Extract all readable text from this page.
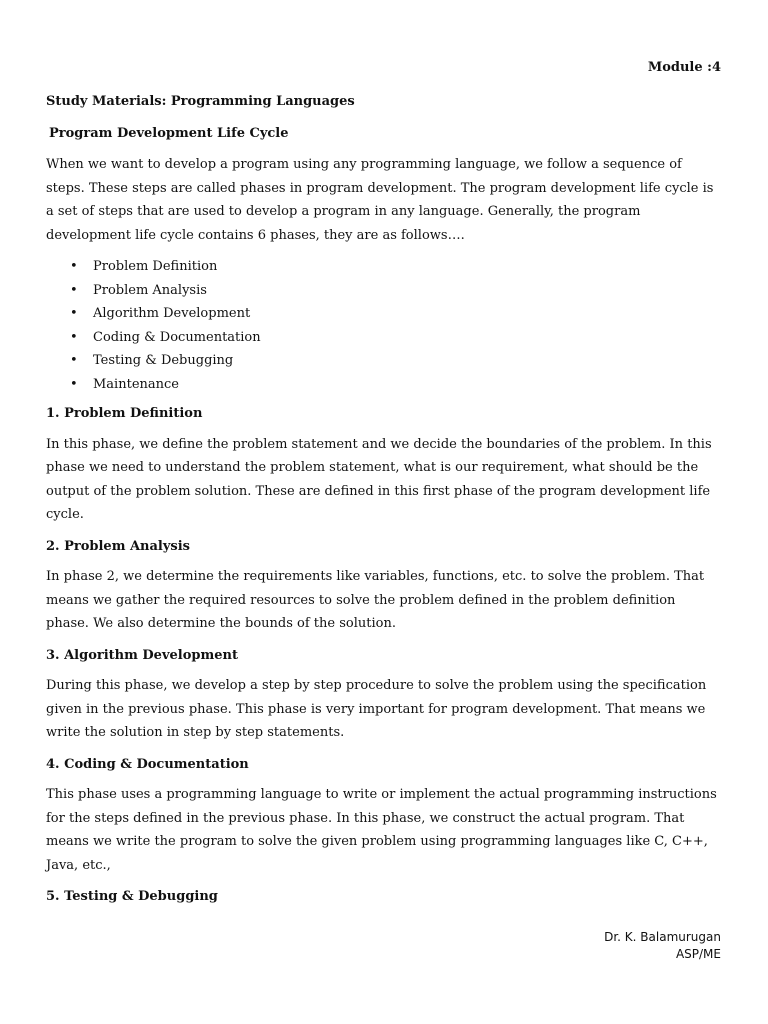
Module :4
Study Materials: Programming Languages
Program Development Life Cycle

When we want to develop a program using any programming language, we follow a sequence of steps. These steps are called phases in program development. The program development life cycle is a set of steps that are used to develop a program in any language. Generally, the program development life cycle contains 6 phases, they are as follows….

• Problem Definition
• Problem Analysis
• Algorithm Development
• Coding & Documentation
• Testing & Debugging
• Maintenance
1. Problem Definition

In this phase, we define the problem statement and we decide the boundaries of the problem. In this phase we need to understand the problem statement, what is our requirement, what should be the output of the problem solution. These are defined in this first phase of the program development life cycle.

2. Problem Analysis

In phase 2, we determine the requirements like variables, functions, etc. to solve the problem. That means we gather the required resources to solve the problem defined in the problem definition phase. We also determine the bounds of the solution.

3. Algorithm Development

During this phase, we develop a step by step procedure to solve the problem using the specification given in the previous phase. This phase is very important for program development. That means we write the solution in step by step statements.

4. Coding & Documentation

This phase uses a programming language to write or implement the actual programming instructions for the steps defined in the previous phase. In this phase, we construct the actual program. That means we write the program to solve the given problem using programming languages like C, C++, Java, etc.,

5. Testing & Debugging
Dr. K. Balamurugan
ASP/ME
